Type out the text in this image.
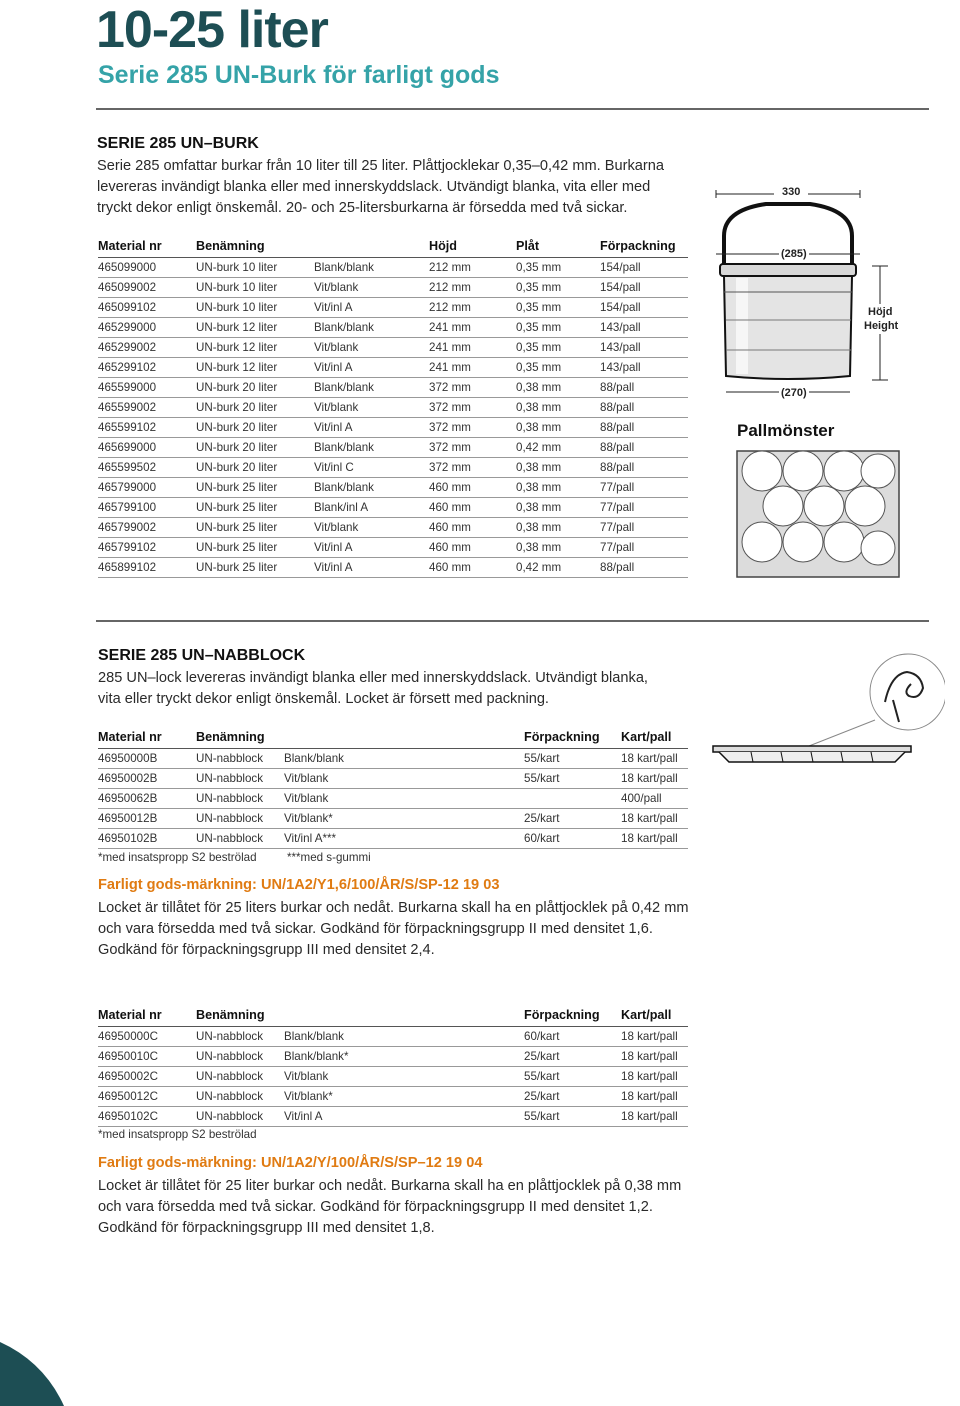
10-25 liter
Serie 285 UN-Burk för farligt gods
SERIE 285 UN–BURK

Serie 285 omfattar burkar från 10 liter till 25 liter. Plåttjocklekar 0,35–0,42 mm. Burkarna

levereras invändigt blanka eller med innerskyddslack. Utvändigt blanka, vita eller med

tryckt dekor enligt önskemål. 20- och 25-litersburkarna är försedda med två sickar.

Material nr	Benämning		Höjd	Plåt	Förpackning
465099000	UN-burk 10 liter	Blank/blank	212 mm	0,35 mm	154/pall
465099002	UN-burk 10 liter	Vit/blank	212 mm	0,35 mm	154/pall
465099102	UN-burk 10 liter	Vit/inl A	212 mm	0,35 mm	154/pall
465299000	UN-burk 12 liter	Blank/blank	241 mm	0,35 mm	143/pall
465299002	UN-burk 12 liter	Vit/blank	241 mm	0,35 mm	143/pall
465299102	UN-burk 12 liter	Vit/inl A	241 mm	0,35 mm	143/pall
465599000	UN-burk 20 liter	Blank/blank	372 mm	0,38 mm	88/pall
465599002	UN-burk 20 liter	Vit/blank	372 mm	0,38 mm	88/pall
465599102	UN-burk 20 liter	Vit/inl A	372 mm	0,38 mm	88/pall
465699000	UN-burk 20 liter	Blank/blank	372 mm	0,42 mm	88/pall
465599502	UN-burk 20 liter	Vit/inl C	372 mm	0,38 mm	88/pall
465799000	UN-burk 25 liter	Blank/blank	460 mm	0,38 mm	77/pall
465799100	UN-burk 25 liter	Blank/inl A	460 mm	0,38 mm	77/pall
465799002	UN-burk 25 liter	Vit/blank	460 mm	0,38 mm	77/pall
465799102	UN-burk 25 liter	Vit/inl A	460 mm	0,38 mm	77/pall
465899102	UN-burk 25 liter	Vit/inl A	460 mm	0,42 mm	88/pall
330
(285)
(270)
Höjd
Height
Pallmönster
SERIE 285 UN–NABBLOCK

285 UN–lock levereras invändigt blanka eller med innerskyddslack. Utvändigt blanka,

vita eller tryckt dekor enligt önskemål. Locket är försett med packning.

Material nr	Benämning		Förpackning	Kart/pall
46950000B	UN-nabblock	Blank/blank	55/kart	18 kart/pall
46950002B	UN-nabblock	Vit/blank	55/kart	18 kart/pall
46950062B	UN-nabblock	Vit/blank		400/pall
46950012B	UN-nabblock	Vit/blank*	25/kart	18 kart/pall
46950102B	UN-nabblock	Vit/inl A***	60/kart	18 kart/pall

*med insatspropp S2 beströlad	***med s-gummi

Farligt gods-märkning: UN/1A2/Y1,6/100/ÅR/S/SP-12 19 03

Locket är tillåtet för 25 liters burkar och nedåt. Burkarna skall ha en plåttjocklek på 0,42 mm

och vara försedda med två sickar. Godkänd för förpackningsgrupp II med densitet 1,6.

Godkänd för förpackningsgrupp III med densitet 2,4.

Material nr	Benämning		Förpackning	Kart/pall
46950000C	UN-nabblock	Blank/blank	60/kart	18 kart/pall
46950010C	UN-nabblock	Blank/blank*	25/kart	18 kart/pall
46950002C	UN-nabblock	Vit/blank	55/kart	18 kart/pall
46950012C	UN-nabblock	Vit/blank*	25/kart	18 kart/pall
46950102C	UN-nabblock	Vit/inl A	55/kart	18 kart/pall

*med insatspropp S2 beströlad

Farligt gods-märkning: UN/1A2/Y/100/ÅR/S/SP–12 19 04

Locket är tillåtet för 25 liter burkar och nedåt. Burkarna skall ha en plåttjocklek på 0,38 mm

och vara försedda med två sickar. Godkänd för förpackningsgrupp II med densitet 1,2.

Godkänd för förpackningsgrupp III med densitet 1,8.
